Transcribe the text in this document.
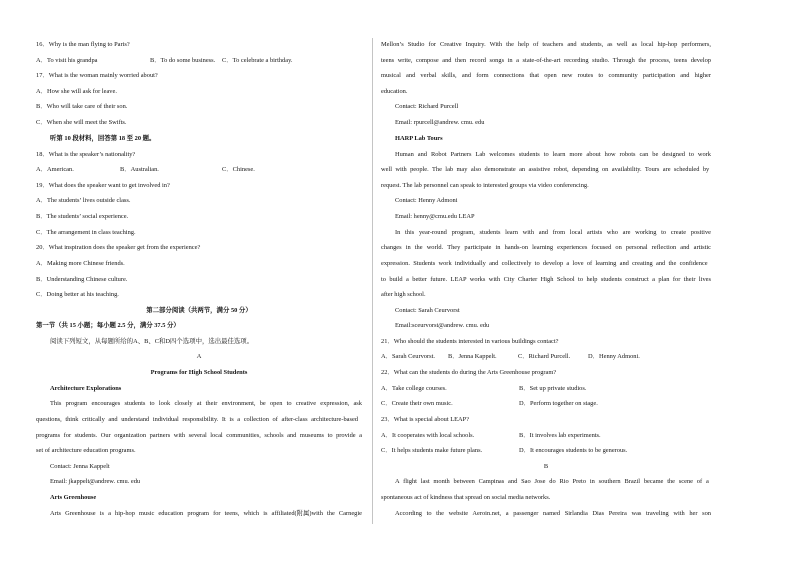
16．Why is the man flying to Paris?
A．To visit his grandpa	B．To do some business. C．To celebrate a birthday.
17．What is the woman mainly worried about?
A．How she will ask for leave.
B．Who will take care of their son.
C．When she will meet the Swifts.
听第 10 段材料，回答第 18 至 20 题。
18．What is the speaker’s nationality?
A．American.	B．Australian.	C．Chinese.
19．What does the speaker want to get involved in?
A．The students’ lives outside class.
B．The students’ social experience.
C．The arrangement in class teaching.
20．What inspiration does the speaker get from the experience?
A．Making more Chinese friends.
B．Understanding Chinese culture.
C．Doing better at his teaching.
第二部分阅读（共两节，满分 50 分）
第一节（共 15 小题；每小题 2.5 分，满分 37.5 分）
阅读下列短文，从每题所给的A、B、C和D四个选项中，选出最佳选项。
A
Programs for High School Students
Architecture Explorations
This program encourages students to look closely at their environment, be open to creative expression, ask
questions, think critically and understand individual responsibility. It is a collection of after-class architecture-based
programs for students. Our organization partners with several local communities, schools and museums to provide a
set of architecture education programs.
Contact: Jenna Kappelt
Email: jkappelt@andrew. cmu. edu
Arts Greenhouse
Arts Greenhouse is a hip-hop music education program for teens, which is affiliated(附属)with the Carnegie
Mellon’s Studio for Creative Inquiry. With the help of teachers and students, as well as local hip-hop performers,
teens write, compose and then record songs in a state-of-the-art recording studio. Through the process, teens develop
musical and verbal skills, and form connections that open new routes to community participation and higher
education.
Contact: Richard Purcell
Email: rpurcell@andrew. cmu. edu
HARP Lab Tours
Human and Robot Partners Lab welcomes students to learn more about how robots can be designed to work
well with people. The lab may also demonstrate an assistive robot, depending on availability. Tours are scheduled by
request. The lab personnel can speak to interested groups via video conferencing.
Contact: Henny Admoni
Email: henny@cmu.edu LEAP
In this year-round program, students learn with and from local artists who are working to create positive
changes in the world. They participate in hands-on learning experiences focused on personal reflection and artistic
expression. Students work individually and collectively to develop a love of learning and creating and the confidence
to build a better future. LEAP works with City Charter High School to help students construct a plan for their lives
after high school.
Contact: Sarah Ceurvorst
Email:sceurvorst@andrew. cmu. edu
21．Who should the students interested in various buildings contact?
A．Sarah Ceurvorst. B．Jenna Kappelt.	C．Richard Purcell.	D．Henny Admoni.
22．What can the students do during the Arts Greenhouse program?
A．Take college courses.	B．Set up private studios.
C．Create their own music.	D．Perform together on stage.
23．What is special about LEAP?
A．It cooperates with local schools.	B．It involves lab experiments.
C．It helps students make future plans.	D．It encourages students to be generous.
B
A flight last month between Campinas and Sao Jose do Rio Preto in southern Brazil became the scene of a
spontaneous act of kindness that spread on social media networks.
According to the website Aeroin.net, a passenger named Sirlandia Dias Pereira was traveling with her son
